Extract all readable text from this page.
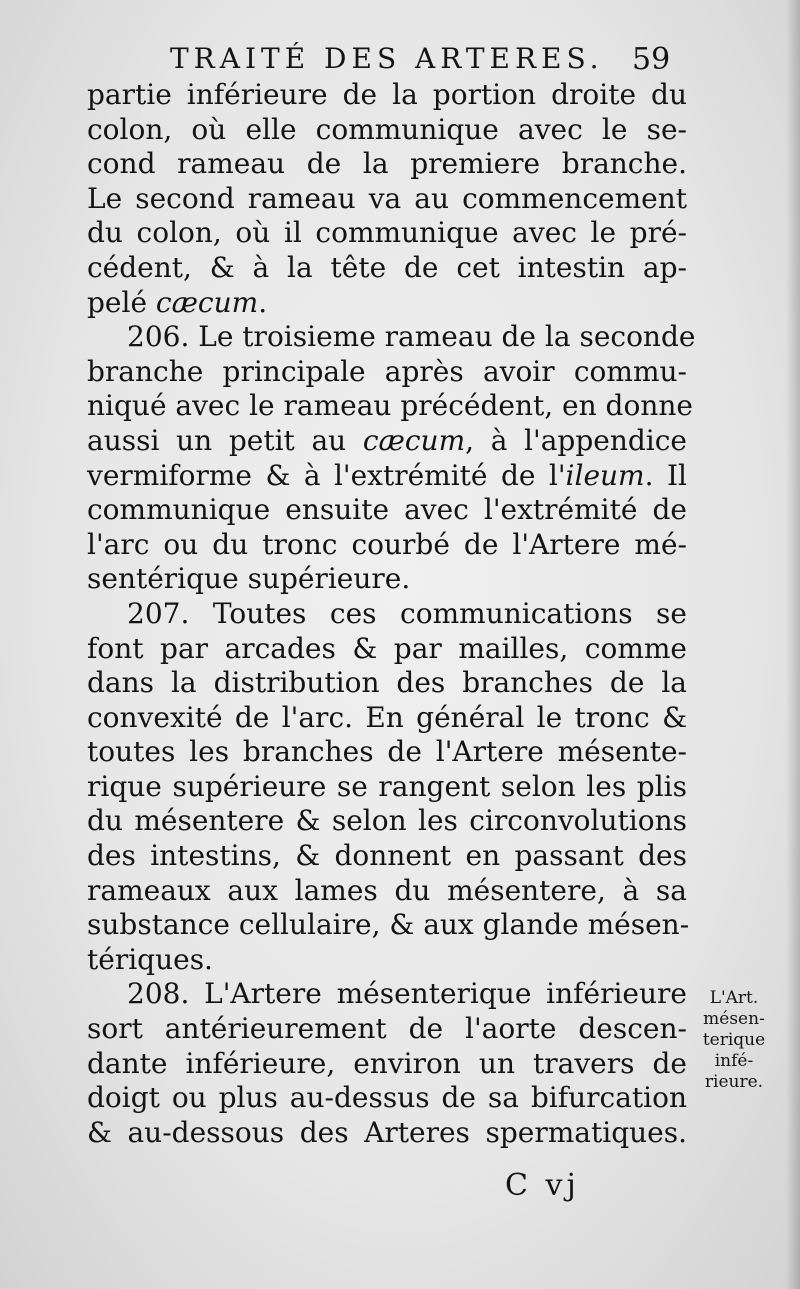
TRAITÉ DES ARTERES. 59
partie inférieure de la portion droite du
colon, où elle communique avec le se-
cond rameau de la premiere branche.
Le second rameau va au commencement
du colon, où il communique avec le pré-
cédent, & à la tête de cet intestin ap-
pelé cæcum.
206. Le troisieme rameau de la seconde
branche principale après avoir commu-
niqué avec le rameau précédent, en donne
aussi un petit au cæcum, à l'appendice
vermiforme & à l'extrémité de l'ileum. Il
communique ensuite avec l'extrémité de
l'arc ou du tronc courbé de l'Artere mé-
sentérique supérieure.
207. Toutes ces communications se
font par arcades & par mailles, comme
dans la distribution des branches de la
convexité de l'arc. En général le tronc &
toutes les branches de l'Artere mésente-
rique supérieure se rangent selon les plis
du mésentere & selon les circonvolutions
des intestins, & donnent en passant des
rameaux aux lames du mésentere, à sa
substance cellulaire, & aux glande mésen-
tériques.
208. L'Artere mésenterique inférieure
sort antérieurement de l'aorte descen-
dante inférieure, environ un travers de
doigt ou plus au-dessus de sa bifurcation
& au-dessous des Arteres spermatiques.
C vj
L'Art.
mésen-
terique
infé-
rieure.
